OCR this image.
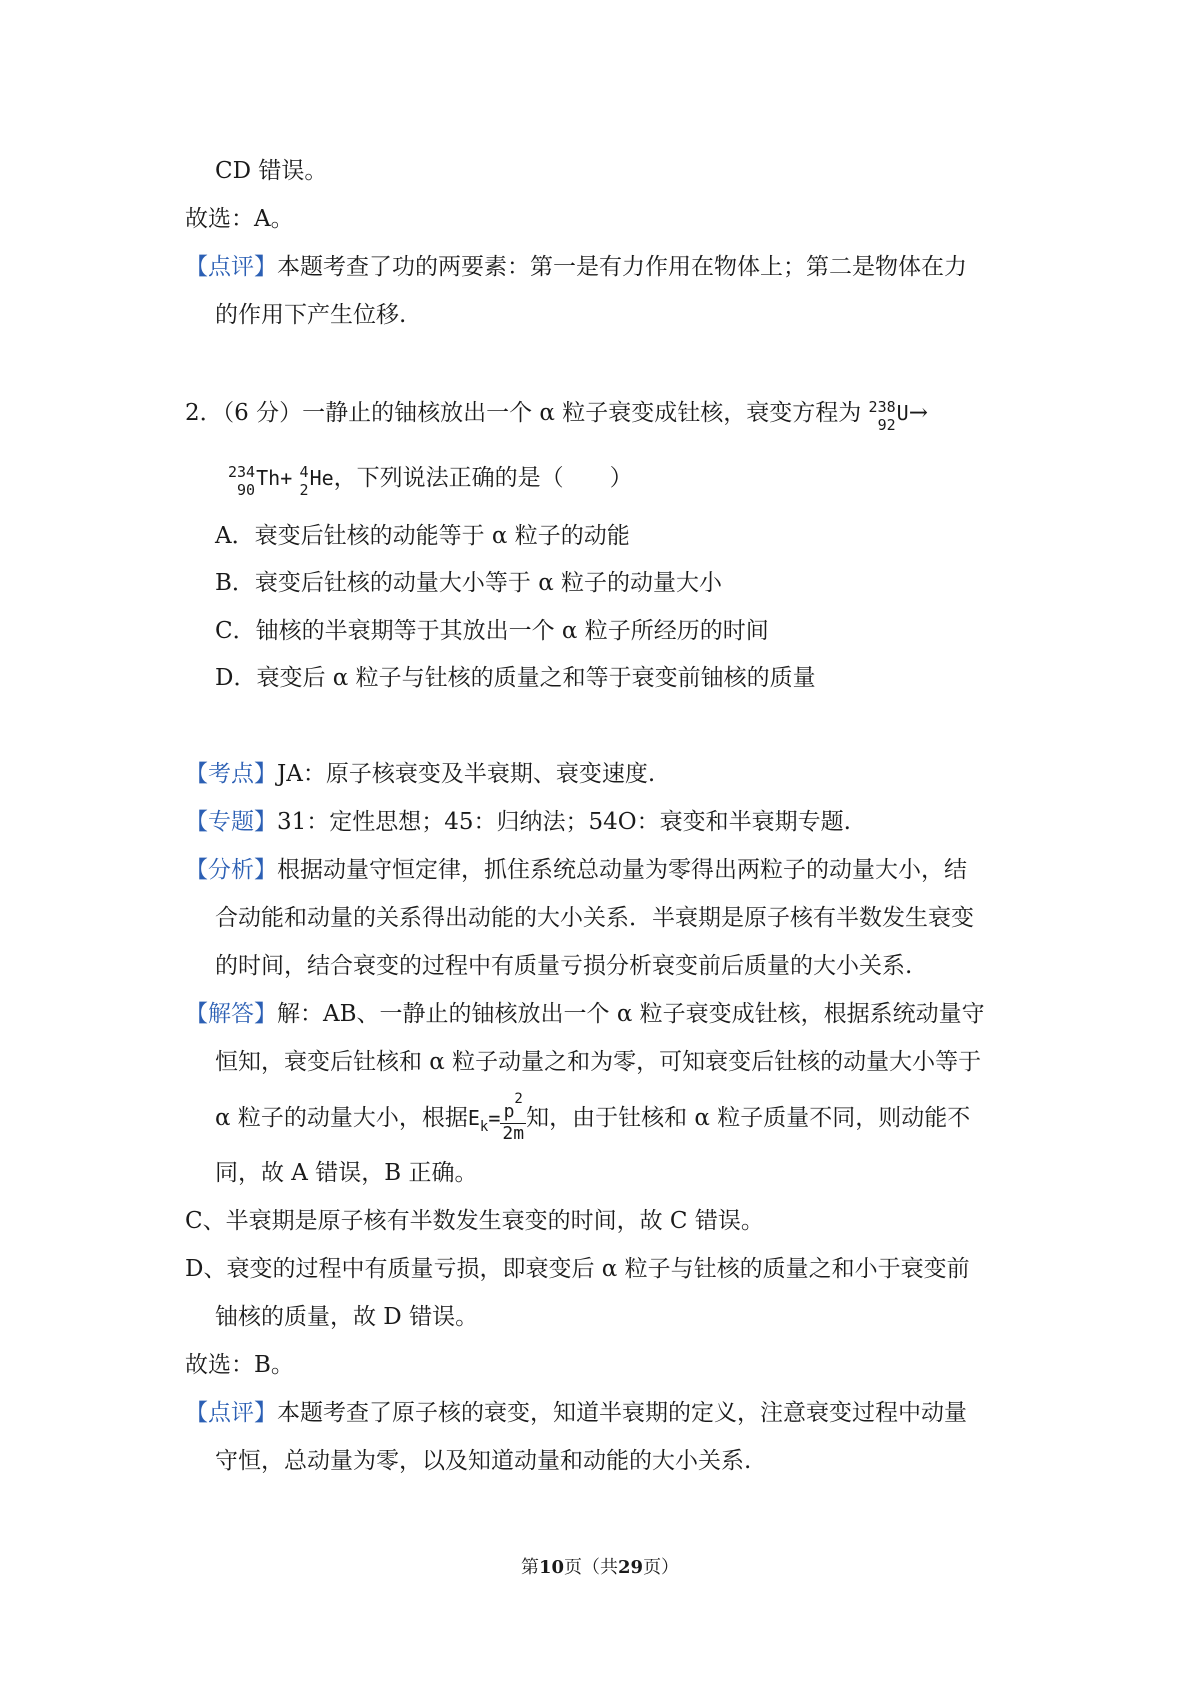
CD 错误。
故选：A。
【点评】本题考查了功的两要素：第一是有力作用在物体上；第二是物体在力
的作用下产生位移.
2．（6 分）一静止的铀核放出一个 α 粒子衰变成钍核，衰变方程为 238
92 U→
234
90 Th+ 4
2 He，下列说法正确的是（　　）
A．衰变后钍核的动能等于 α 粒子的动能
B．衰变后钍核的动量大小等于 α 粒子的动量大小
C．铀核的半衰期等于其放出一个 α 粒子所经历的时间
D．衰变后 α 粒子与钍核的质量之和等于衰变前铀核的质量
【考点】JA：原子核衰变及半衰期、衰变速度.
【专题】31：定性思想；45：归纳法；54O：衰变和半衰期专题.
【分析】根据动量守恒定律，抓住系统总动量为零得出两粒子的动量大小，结
合动能和动量的关系得出动能的大小关系．半衰期是原子核有半数发生衰变
的时间，结合衰变的过程中有质量亏损分析衰变前后质量的大小关系.
【解答】解：AB、一静止的铀核放出一个 α 粒子衰变成钍核，根据系统动量守
恒知，衰变后钍核和 α 粒子动量之和为零，可知衰变后钍核的动量大小等于
α 粒子的动量大小，根据$E_k= \frac{p^2}{2m}$ 知，由于钍核和 α 粒子质量不同，则动能不
同，故 A 错误，B 正确。
C、半衰期是原子核有半数发生衰变的时间，故 C 错误。
D、衰变的过程中有质量亏损，即衰变后 α 粒子与钍核的质量之和小于衰变前
铀核的质量，故 D 错误。
故选：B。
【点评】本题考查了原子核的衰变，知道半衰期的定义，注意衰变过程中动量
守恒，总动量为零，以及知道动量和动能的大小关系.
第10页（共29页）
